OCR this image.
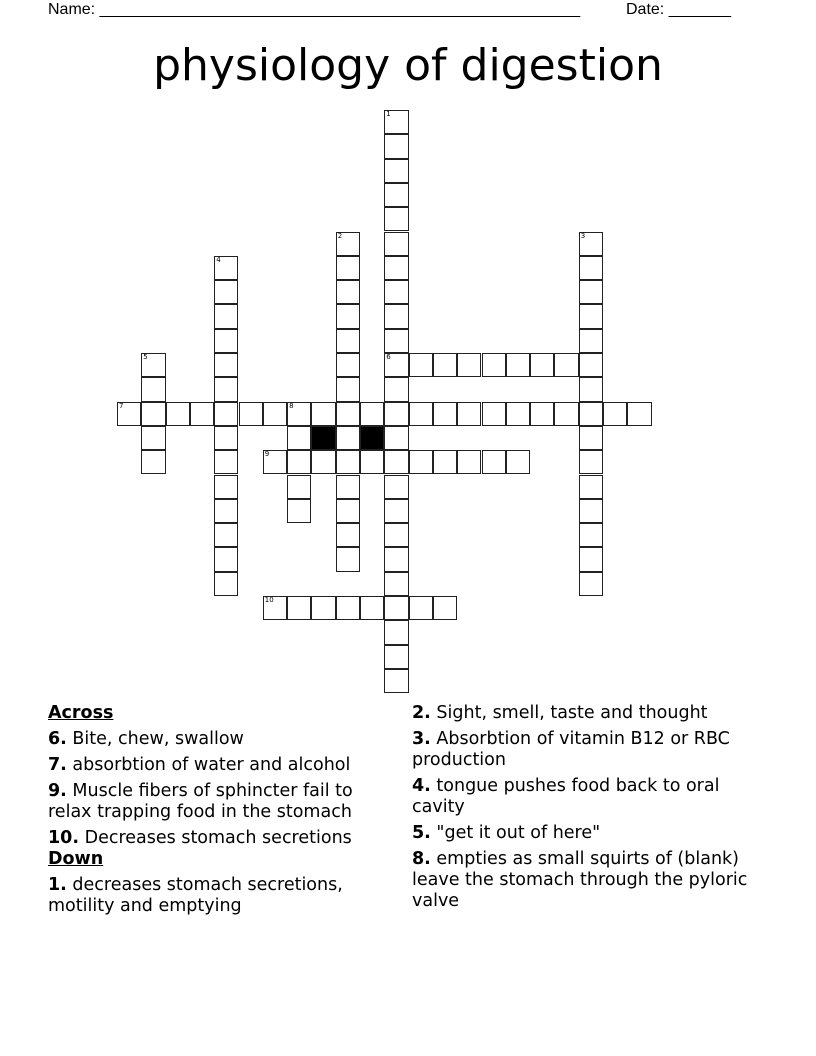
Name: ______________________________________________________	Date: _______
physiology of digestion
1
6
2	3
4
5
7	8
9
10
Across
6. Bite, chew, swallow
7. absorbtion of water and alcohol
9. Muscle fibers of sphincter fail to relax trapping food in the stomach
10. Decreases stomach secretions
Down
1. decreases stomach secretions, motility and emptying
2. Sight, smell, taste and thought
3. Absorbtion of vitamin B12 or RBC production
4. tongue pushes food back to oral cavity
5. "get it out of here"
8. empties as small squirts of (blank) leave the stomach through the pyloric valve
